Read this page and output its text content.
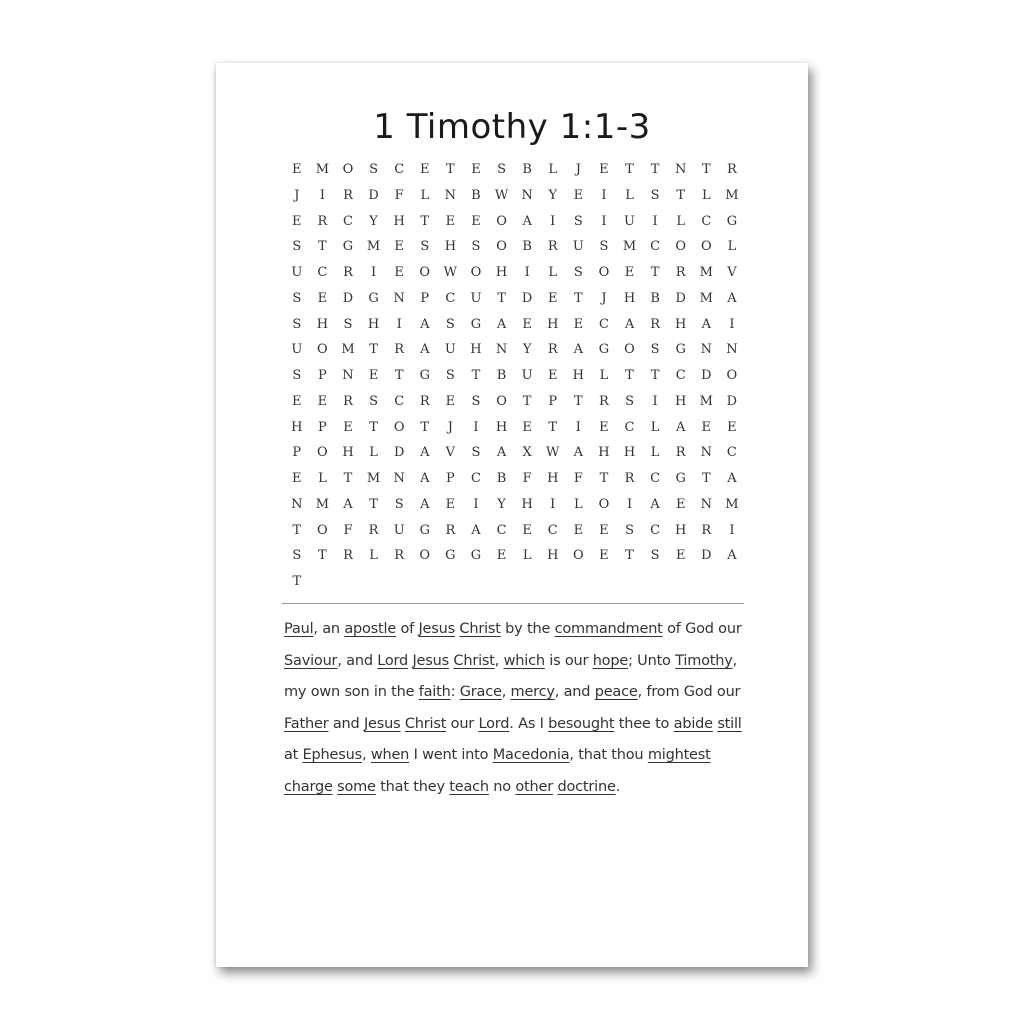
1 Timothy 1:1-3
E	M	O	S	C	E	T	E	S	B	L	J	E	T	T	N	T	R
J	I	R	D	F	L	N	B	W	N	Y	E	I	L	S	T	L	M
E	R	C	Y	H	T	E	E	O	A	I	S	I	U	I	L	C	G
S	T	G	M	E	S	H	S	O	B	R	U	S	M	C	O	O	L
U	C	R	I	E	O	W	O	H	I	L	S	O	E	T	R	M	V
S	E	D	G	N	P	C	U	T	D	E	T	J	H	B	D	M	A
S	H	S	H	I	A	S	G	A	E	H	E	C	A	R	H	A	I
U	O	M	T	R	A	U	H	N	Y	R	A	G	O	S	G	N	N
S	P	N	E	T	G	S	T	B	U	E	H	L	T	T	C	D	O
E	E	R	S	C	R	E	S	O	T	P	T	R	S	I	H	M	D
H	P	E	T	O	T	J	I	H	E	T	I	E	C	L	A	E	E
P	O	H	L	D	A	V	S	A	X	W	A	H	H	L	R	N	C
E	L	T	M	N	A	P	C	B	F	H	F	T	R	C	G	T	A
N	M	A	T	S	A	E	I	Y	H	I	L	O	I	A	E	N	M
T	O	F	R	U	G	R	A	C	E	C	E	E	S	C	H	R	I
S	T	R	L	R	O	G	G	E	L	H	O	E	T	S	E	D	A
T
Paul, an apostle of Jesus Christ by the commandment of God our Saviour, and Lord Jesus Christ, which is our hope; Unto Timothy, my own son in the faith: Grace, mercy, and peace, from God our Father and Jesus Christ our Lord. As I besought thee to abide still at Ephesus, when I went into Macedonia, that thou mightest charge some that they teach no other doctrine.
